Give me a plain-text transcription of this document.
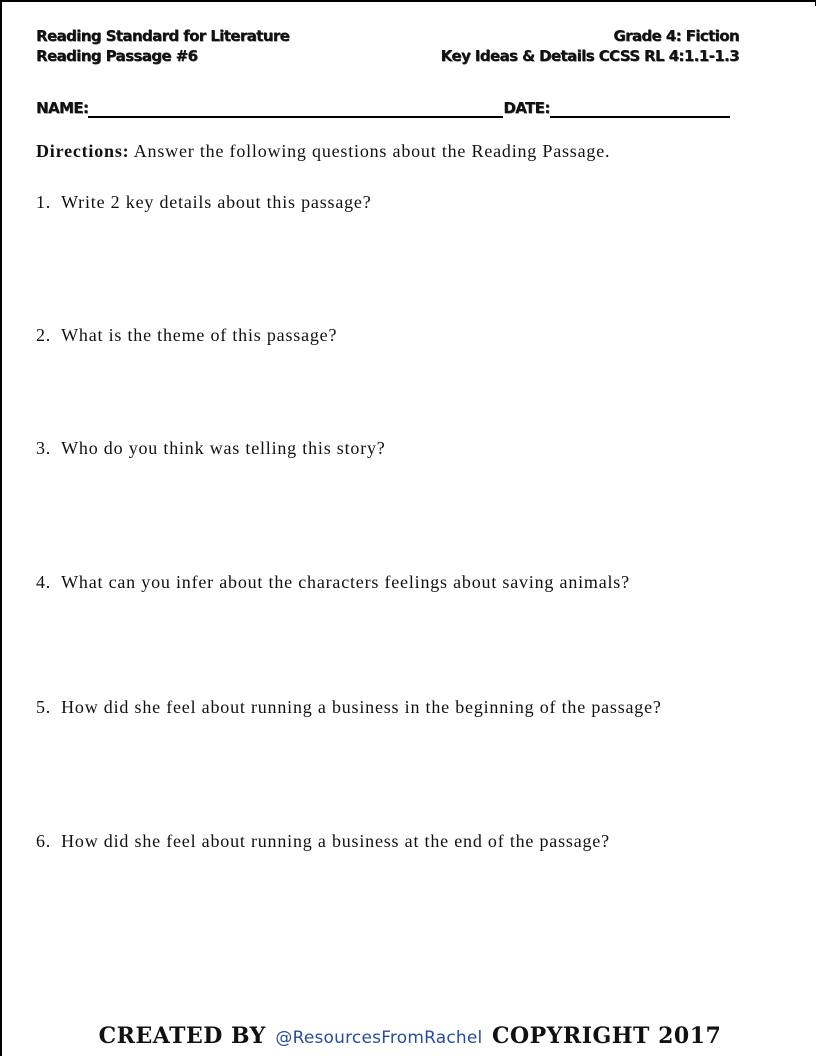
Reading Standard for Literature
Reading Passage #6
Grade 4: Fiction
Key Ideas & Details CCSS RL 4:1.1-1.3
NAME:	DATE:
Directions: Answer the following questions about the Reading Passage.
1. Write 2 key details about this passage?
2. What is the theme of this passage?
3. Who do you think was telling this story?
4. What can you infer about the characters feelings about saving animals?
5. How did she feel about running a business in the beginning of the passage?
6. How did she feel about running a business at the end of the passage?
CREATED BY @ResourcesFromRachel COPYRIGHT 2017
